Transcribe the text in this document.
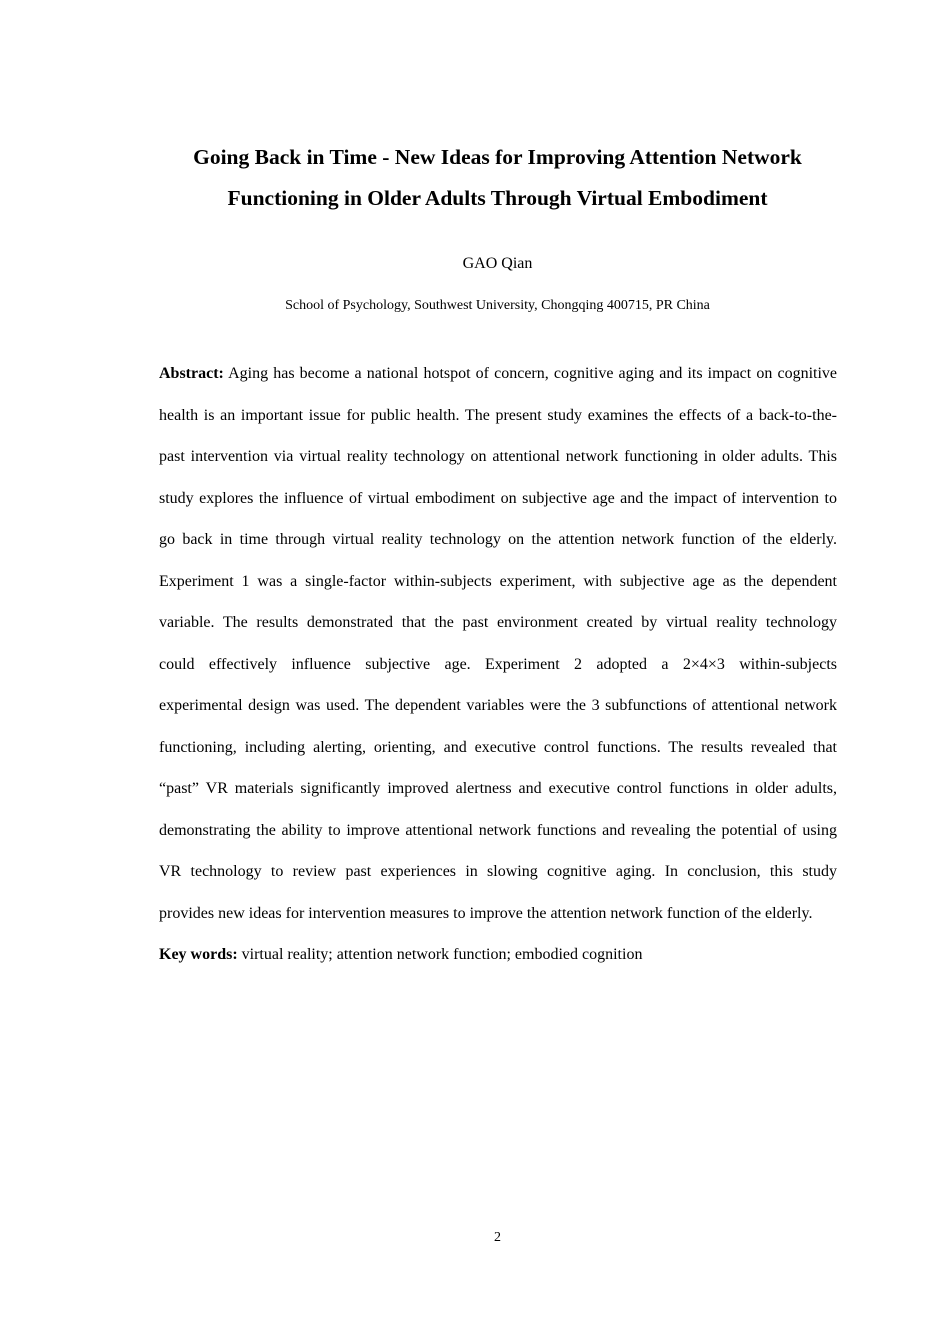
Going Back in Time - New Ideas for Improving Attention Network
Functioning in Older Adults Through Virtual Embodiment
GAO Qian
School of Psychology, Southwest University, Chongqing 400715, PR China
Abstract: Aging has become a national hotspot of concern, cognitive aging and its impact on cognitive
health is an important issue for public health. The present study examines the effects of a back-to-the-
past intervention via virtual reality technology on attentional network functioning in older adults. This
study explores the influence of virtual embodiment on subjective age and the impact of intervention to
go back in time through virtual reality technology on the attention network function of the elderly.
Experiment 1 was a single-factor within-subjects experiment, with subjective age as the dependent
variable. The results demonstrated that the past environment created by virtual reality technology
could effectively influence subjective age. Experiment 2 adopted a 2×4×3 within-subjects
experimental design was used. The dependent variables were the 3 subfunctions of attentional network
functioning, including alerting, orienting, and executive control functions. The results revealed that
“past” VR materials significantly improved alertness and executive control functions in older adults,
demonstrating the ability to improve attentional network functions and revealing the potential of using
VR technology to review past experiences in slowing cognitive aging. In conclusion, this study
provides new ideas for intervention measures to improve the attention network function of the elderly.
Key words: virtual reality; attention network function; embodied cognition
2
